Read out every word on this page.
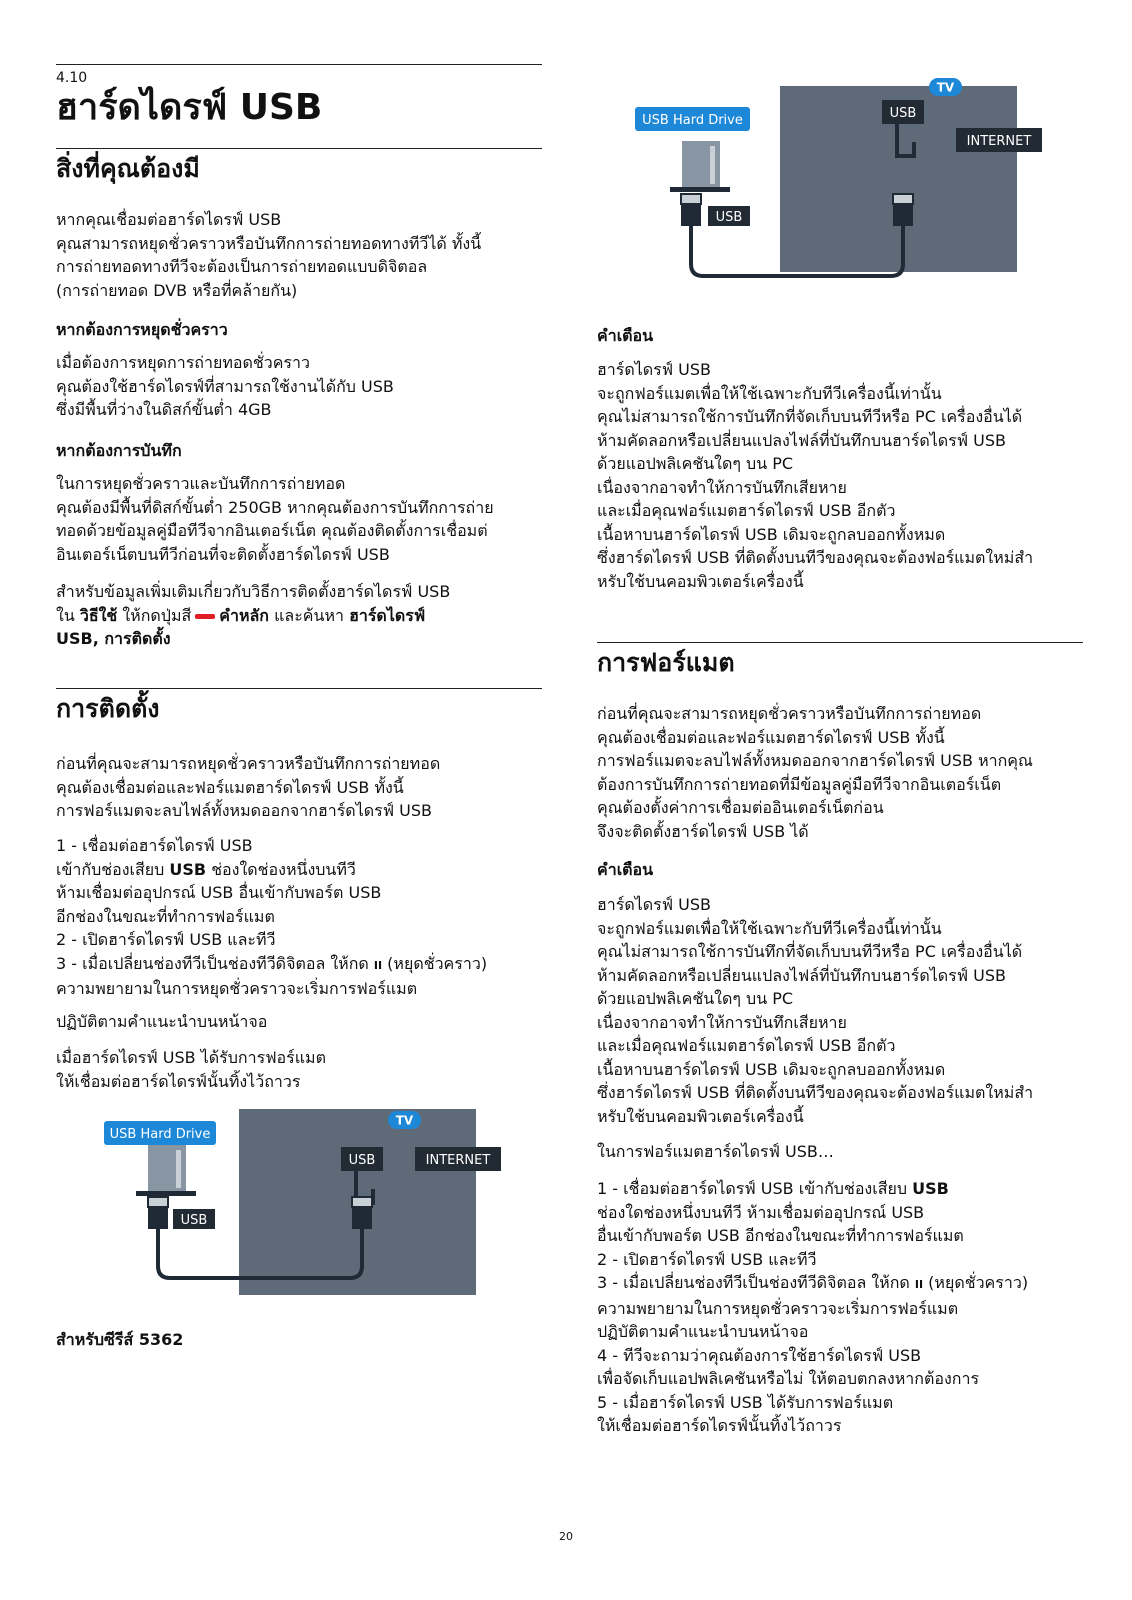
4.10
ฮาร์ดไดรฟ์ USB
สิ่งที่คุณต้องมี
หากคุณเชื่อมต่อฮาร์ดไดรฟ์ USB
คุณสามารถหยุดชั่วคราวหรือบันทึกการถ่ายทอดทางทีวีได้ ทั้งนี้
การถ่ายทอดทางทีวีจะต้องเป็นการถ่ายทอดแบบดิจิตอล
(การถ่ายทอด DVB หรือที่คล้ายกัน)
หากต้องการหยุดชั่วคราว
เมื่อต้องการหยุดการถ่ายทอดชั่วคราว
คุณต้องใช้ฮาร์ดไดรฟ์ที่สามารถใช้งานได้กับ USB
ซึ่งมีพื้นที่ว่างในดิสก์ขั้นต่ำ 4GB
หากต้องการบันทึก
ในการหยุดชั่วคราวและบันทึกการถ่ายทอด
คุณต้องมีพื้นที่ดิสก์ขั้นต่ำ 250GB หากคุณต้องการบันทึกการถ่าย
ทอดด้วยข้อมูลคู่มือทีวีจากอินเตอร์เน็ต คุณต้องติดตั้งการเชื่อมต่
อินเตอร์เน็ตบนทีวีก่อนที่จะติดตั้งฮาร์ดไดรฟ์ USB
สำหรับข้อมูลเพิ่มเติมเกี่ยวกับวิธีการติดตั้งฮาร์ดไดรฟ์ USB
ใน วิธีใช้ ให้กดปุ่มสี คำหลัก และค้นหา ฮาร์ดไดรฟ์
USB, การติดตั้ง
การติดตั้ง
ก่อนที่คุณจะสามารถหยุดชั่วคราวหรือบันทึกการถ่ายทอด
คุณต้องเชื่อมต่อและฟอร์แมตฮาร์ดไดรฟ์ USB ทั้งนี้
การฟอร์แมตจะลบไฟล์ทั้งหมดออกจากฮาร์ดไดรฟ์ USB
1 - เชื่อมต่อฮาร์ดไดรฟ์ USB
เข้ากับช่องเสียบ USB ช่องใดช่องหนึ่งบนทีวี
ห้ามเชื่อมต่ออุปกรณ์ USB อื่นเข้ากับพอร์ต USB
อีกช่องในขณะที่ทำการฟอร์แมต
2 - เปิดฮาร์ดไดรฟ์ USB และทีวี
3 - เมื่อเปลี่ยนช่องทีวีเป็นช่องทีวีดิจิตอล ให้กด II (หยุดชั่วคราว)
ความพยายามในการหยุดชั่วคราวจะเริ่มการฟอร์แมต
ปฏิบัติตามคำแนะนำบนหน้าจอ
เมื่อฮาร์ดไดรฟ์ USB ได้รับการฟอร์แมต
ให้เชื่อมต่อฮาร์ดไดรฟ์นั้นทิ้งไว้ถาวร
TV
USB	INTERNET
USB Hard Drive
USB
สำหรับซีรีส์ 5362
TV
USB
INTERNET
USB Hard Drive
USB
คำเตือน
ฮาร์ดไดรฟ์ USB
จะถูกฟอร์แมตเพื่อให้ใช้เฉพาะกับทีวีเครื่องนี้เท่านั้น
คุณไม่สามารถใช้การบันทึกที่จัดเก็บบนทีวีหรือ PC เครื่องอื่นได้
ห้ามคัดลอกหรือเปลี่ยนแปลงไฟล์ที่บันทึกบนฮาร์ดไดรฟ์ USB
ด้วยแอปพลิเคชันใดๆ บน PC
เนื่องจากอาจทำให้การบันทึกเสียหาย
และเมื่อคุณฟอร์แมตฮาร์ดไดรฟ์ USB อีกตัว
เนื้อหาบนฮาร์ดไดรฟ์ USB เดิมจะถูกลบออกทั้งหมด
ซึ่งฮาร์ดไดรฟ์ USB ที่ติดตั้งบนทีวีของคุณจะต้องฟอร์แมตใหม่สำ
หรับใช้บนคอมพิวเตอร์เครื่องนี้
การฟอร์แมต
ก่อนที่คุณจะสามารถหยุดชั่วคราวหรือบันทึกการถ่ายทอด
คุณต้องเชื่อมต่อและฟอร์แมตฮาร์ดไดรฟ์ USB ทั้งนี้
การฟอร์แมตจะลบไฟล์ทั้งหมดออกจากฮาร์ดไดรฟ์ USB หากคุณ
ต้องการบันทึกการถ่ายทอดที่มีข้อมูลคู่มือทีวีจากอินเตอร์เน็ต
คุณต้องตั้งค่าการเชื่อมต่ออินเตอร์เน็ตก่อน
จึงจะติดตั้งฮาร์ดไดรฟ์ USB ได้
คำเตือน
ฮาร์ดไดรฟ์ USB
จะถูกฟอร์แมตเพื่อให้ใช้เฉพาะกับทีวีเครื่องนี้เท่านั้น
คุณไม่สามารถใช้การบันทึกที่จัดเก็บบนทีวีหรือ PC เครื่องอื่นได้
ห้ามคัดลอกหรือเปลี่ยนแปลงไฟล์ที่บันทึกบนฮาร์ดไดรฟ์ USB
ด้วยแอปพลิเคชันใดๆ บน PC
เนื่องจากอาจทำให้การบันทึกเสียหาย
และเมื่อคุณฟอร์แมตฮาร์ดไดรฟ์ USB อีกตัว
เนื้อหาบนฮาร์ดไดรฟ์ USB เดิมจะถูกลบออกทั้งหมด
ซึ่งฮาร์ดไดรฟ์ USB ที่ติดตั้งบนทีวีของคุณจะต้องฟอร์แมตใหม่สำ
หรับใช้บนคอมพิวเตอร์เครื่องนี้
ในการฟอร์แมตฮาร์ดไดรฟ์ USB…
1 - เชื่อมต่อฮาร์ดไดรฟ์ USB เข้ากับช่องเสียบ USB
ช่องใดช่องหนึ่งบนทีวี ห้ามเชื่อมต่ออุปกรณ์ USB
อื่นเข้ากับพอร์ต USB อีกช่องในขณะที่ทำการฟอร์แมต
2 - เปิดฮาร์ดไดรฟ์ USB และทีวี
3 - เมื่อเปลี่ยนช่องทีวีเป็นช่องทีวีดิจิตอล ให้กด II (หยุดชั่วคราว)
ความพยายามในการหยุดชั่วคราวจะเริ่มการฟอร์แมต
ปฏิบัติตามคำแนะนำบนหน้าจอ
4 - ทีวีจะถามว่าคุณต้องการใช้ฮาร์ดไดรฟ์ USB
เพื่อจัดเก็บแอปพลิเคชันหรือไม่ ให้ตอบตกลงหากต้องการ
5 - เมื่อฮาร์ดไดรฟ์ USB ได้รับการฟอร์แมต
ให้เชื่อมต่อฮาร์ดไดรฟ์นั้นทิ้งไว้ถาวร
20
